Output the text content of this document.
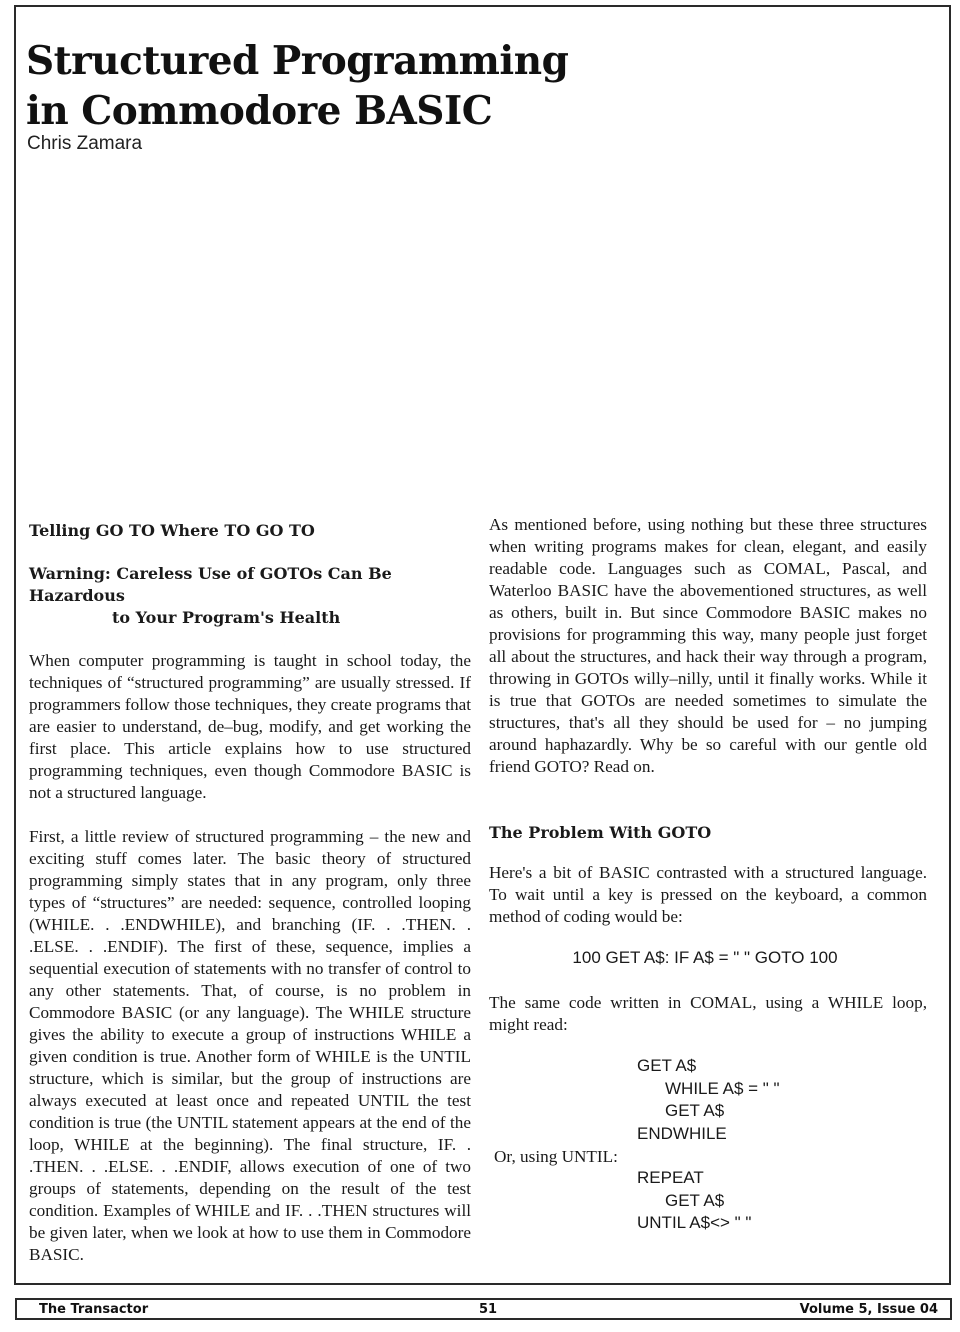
Structured Programming
in Commodore BASIC
Chris Zamara
Telling GO TO Where TO GO TO
Warning: Careless Use of GOTOs Can Be Hazardous
to Your Program's Health

When computer programming is taught in school today, the techniques of “structured programming” are usually stressed. If programmers follow those techniques, they create programs that are easier to understand, de–bug, modify, and get working the first place. This article explains how to use structured programming techniques, even though Commodore BASIC is not a structured language.

First, a little review of structured programming – the new and exciting stuff comes later. The basic theory of structured programming simply states that in any program, only three types of “structures” are needed: sequence, controlled looping (WHILE. . .ENDWHILE), and branching (IF. . .THEN. . .ELSE. . .ENDIF). The first of these, sequence, implies a sequential execution of statements with no transfer of control to any other statements. That, of course, is no problem in Commodore BASIC (or any language). The WHILE structure gives the ability to execute a group of instructions WHILE a given condition is true. Another form of WHILE is the UNTIL structure, which is similar, but the group of instructions are always executed at least once and repeated UNTIL the test condition is true (the UNTIL statement appears at the end of the loop, WHILE at the beginning). The final structure, IF. . .THEN. . .ELSE. . .ENDIF, allows execution of one of two groups of statements, depending on the result of the test condition. Examples of WHILE and IF. . .THEN structures will be given later, when we look at how to use them in Commodore BASIC.

As mentioned before, using nothing but these three structures when writing programs makes for clean, elegant, and easily readable code. Languages such as COMAL, Pascal, and Waterloo BASIC have the abovementioned structures, as well as others, built in. But since Commodore BASIC makes no provisions for programming this way, many people just forget all about the structures, and hack their way through a program, throwing in GOTOs willy–nilly, until it finally works. While it is true that GOTOs are needed sometimes to simulate the structures, that's all they should be used for – no jumping around haphazardly. Why be so careful with our gentle old friend GOTO? Read on.

The Problem With GOTO

Here's a bit of BASIC contrasted with a structured language. To wait until a key is pressed on the keyboard, a common method of coding would be:

100 GET A$: IF A$ = " " GOTO 100

The same code written in COMAL, using a WHILE loop, might read:

GET A$
WHILE A$ = " "
GET A$
ENDWHILE
Or, using UNTIL:
REPEAT
GET A$
UNTIL A$<> " "
The Transactor	51	Volume 5, Issue 04
